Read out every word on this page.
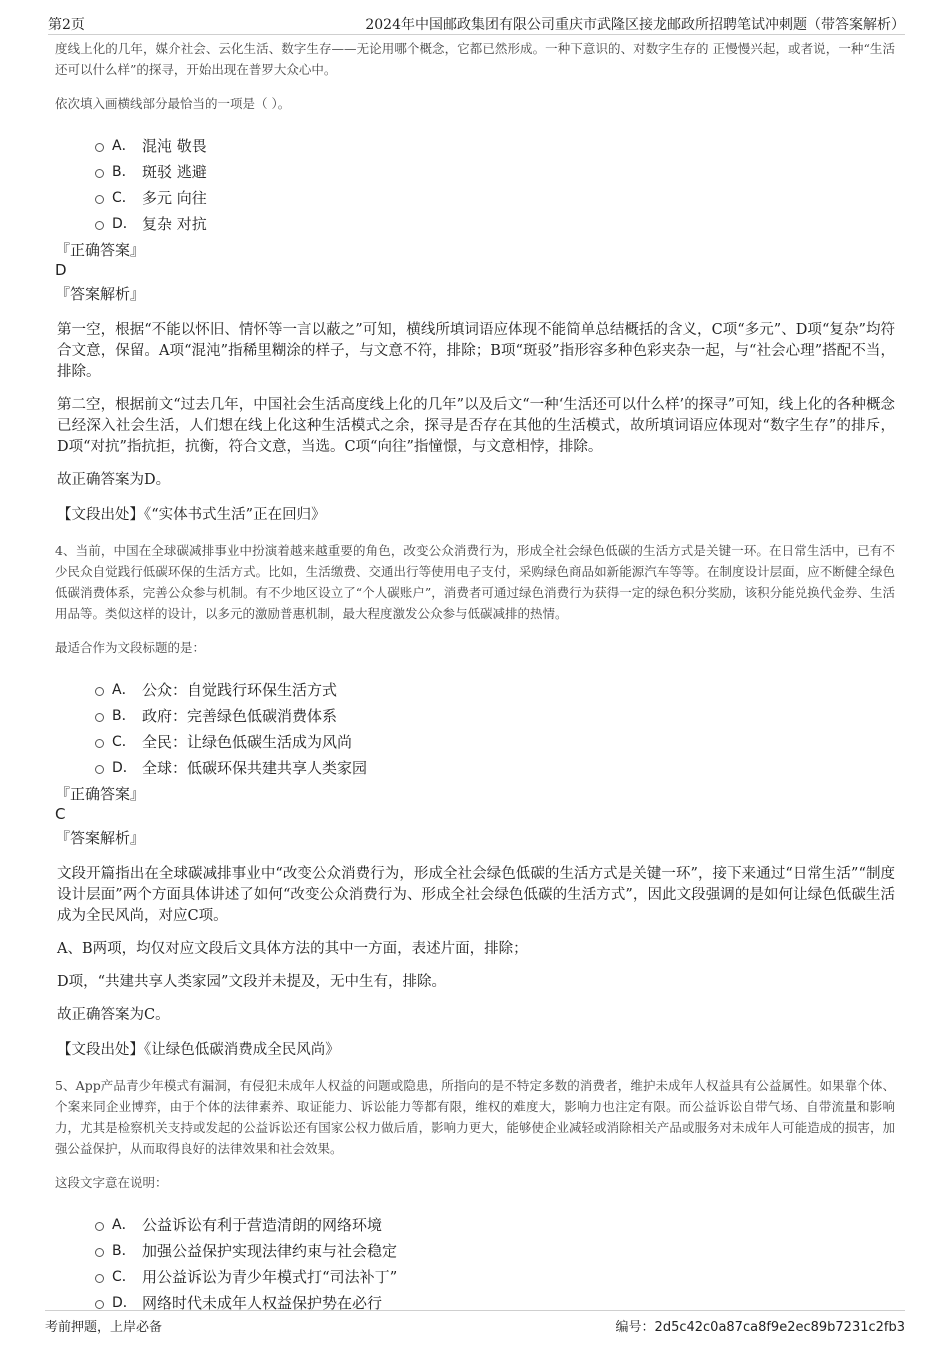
第2页	2024年中国邮政集团有限公司重庆市武隆区接龙邮政所招聘笔试冲刺题（带答案解析）

度线上化的几年，媒介社会、云化生活、数字生存——无论用哪个概念，它都已然形成。一种下意识的、对数字生存的 正慢慢兴起，或者说，一种“生活还可以什么样”的探寻，开始出现在普罗大众心中。

依次填入画横线部分最恰当的一项是（ ）。

A． 混沌 敬畏
B． 斑驳 逃避
C． 多元 向往
D． 复杂 对抗
『正确答案』
D
『答案解析』

第一空，根据“不能以怀旧、情怀等一言以蔽之”可知，横线所填词语应体现不能简单总结概括的含义，C项“多元”、D项“复杂”均符合文意，保留。A项“混沌”指稀里糊涂的样子，与文意不符，排除；B项“斑驳”指形容多种色彩夹杂一起，与“社会心理”搭配不当，排除。

第二空，根据前文“过去几年，中国社会生活高度线上化的几年”以及后文“一种‘生活还可以什么样’的探寻”可知，线上化的各种概念已经深入社会生活，人们想在线上化这种生活模式之余，探寻是否存在其他的生活模式，故所填词语应体现对“数字生存”的排斥，D项“对抗”指抗拒，抗衡，符合文意，当选。C项“向往”指憧憬，与文意相悖，排除。

故正确答案为D。

【文段出处】《“实体书式生活”正在回归》

4、当前，中国在全球碳减排事业中扮演着越来越重要的角色，改变公众消费行为，形成全社会绿色低碳的生活方式是关键一环。在日常生活中，已有不少民众自觉践行低碳环保的生活方式。比如，生活缴费、交通出行等使用电子支付，采购绿色商品如新能源汽车等等。在制度设计层面，应不断健全绿色低碳消费体系，完善公众参与机制。有不少地区设立了“个人碳账户”，消费者可通过绿色消费行为获得一定的绿色积分奖励，该积分能兑换代金券、生活用品等。类似这样的设计，以多元的激励普惠机制，最大程度激发公众参与低碳减排的热情。

最适合作为文段标题的是：

A． 公众：自觉践行环保生活方式
B． 政府：完善绿色低碳消费体系
C． 全民：让绿色低碳生活成为风尚
D． 全球：低碳环保共建共享人类家园
『正确答案』
C
『答案解析』

文段开篇指出在全球碳减排事业中“改变公众消费行为，形成全社会绿色低碳的生活方式是关键一环”，接下来通过“日常生活”“制度设计层面”两个方面具体讲述了如何“改变公众消费行为、形成全社会绿色低碳的生活方式”，因此文段强调的是如何让绿色低碳生活成为全民风尚，对应C项。

A、B两项，均仅对应文段后文具体方法的其中一方面，表述片面，排除；

D项，“共建共享人类家园”文段并未提及，无中生有，排除。

故正确答案为C。

【文段出处】《让绿色低碳消费成全民风尚》

5、App产品青少年模式有漏洞，有侵犯未成年人权益的问题或隐患，所指向的是不特定多数的消费者，维护未成年人权益具有公益属性。如果靠个体、个案来同企业博弈，由于个体的法律素养、取证能力、诉讼能力等都有限，维权的难度大，影响力也注定有限。而公益诉讼自带气场、自带流量和影响力，尤其是检察机关支持或发起的公益诉讼还有国家公权力做后盾，影响力更大，能够使企业减轻或消除相关产品或服务对未成年人可能造成的损害，加强公益保护，从而取得良好的法律效果和社会效果。

这段文字意在说明：

A． 公益诉讼有利于营造清朗的网络环境
B． 加强公益保护实现法律约束与社会稳定
C． 用公益诉讼为青少年模式打“司法补丁”
D． 网络时代未成年人权益保护势在必行
考前押题，上岸必备	编号：2d5c42c0a87ca8f9e2ec89b7231c2fb3
